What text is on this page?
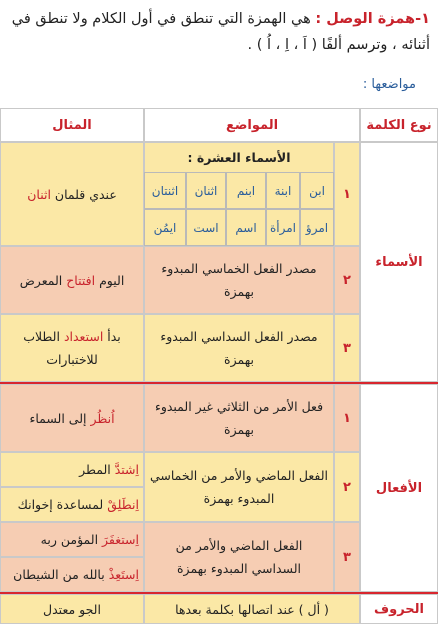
١-همزة الوصل : هي الهمزة التي تنطق في أول الكلام ولا تنطق في أثنائه ، وترسم ألفًا ( اَ ، اِ ، اُ ) .
مواضعها :
نوع الكلمة
المواضع
المثال
الأسماء
١
الأسماء العشرة :
ابن
ابنة
ابنم
اثنان
اثنتان
امرؤ
امرأة
اسم
است
ايمُن
عندي قلمان اثنان
٢
مصدر الفعل الخماسي المبدوء بهمزة
اليوم افتتاح المعرض
٣
مصدر الفعل السداسي المبدوء بهمزة
بدأ استعداد الطلاب للاختبارات
الأفعال
١
فعل الأمر من الثلاثي غير المبدوء بهمزة
اُنظُر إلى السماء
٢
الفعل الماضي والأمر من الخماسي المبدوء بهمزة
اِشتدَّ المطر
اِنطَلِقْ لمساعدة إخوانك
٣
الفعل الماضي والأمر من السداسي المبدوء بهمزة
اِستغفَرَ المؤمن ربه
اِستَعِذْ بالله من الشيطان
الحروف
( أل ) عند اتصالها بكلمة بعدها
الجو معتدل
